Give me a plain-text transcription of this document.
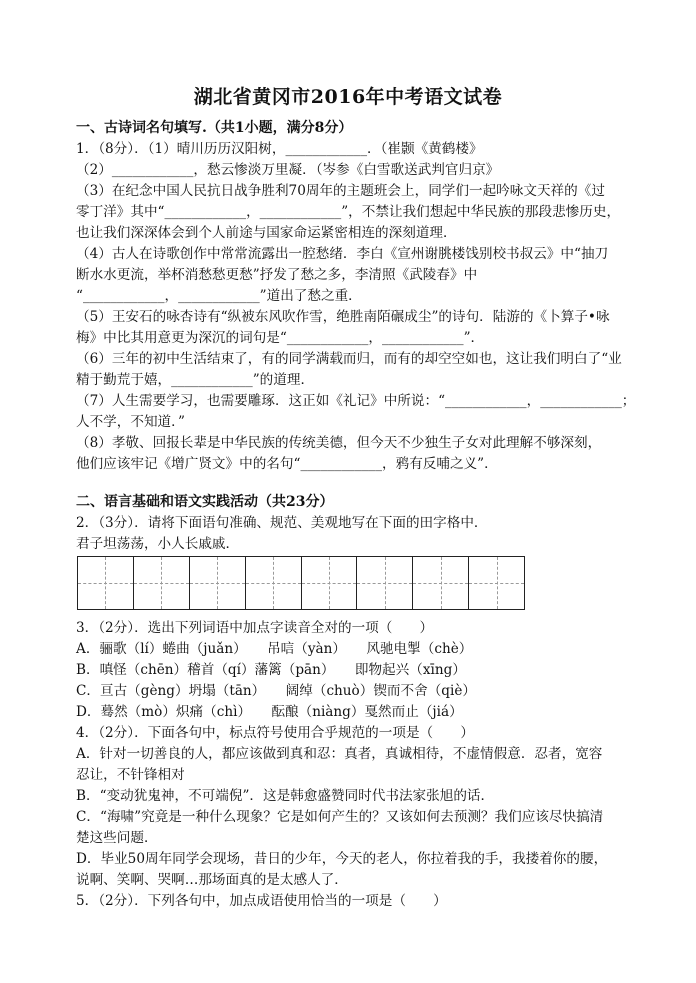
湖北省黄冈市2016年中考语文试卷
一、古诗词名句填写.（共1小题，满分8分）
1．（8分）．（1）晴川历历汉阳树，____________．（崔颢《黄鹤楼》
（2）____________，愁云惨淡万里凝．（岑参《白雪歌送武判官归京》
（3）在纪念中国人民抗日战争胜利70周年的主题班会上，同学们一起吟咏文天祥的《过
零丁洋》其中“____________，____________”，不禁让我们想起中华民族的那段悲惨历史，
也让我们深深体会到个人前途与国家命运紧密相连的深刻道理．
（4）古人在诗歌创作中常常流露出一腔愁绪．李白《宣州谢朓楼饯别校书叔云》中“抽刀
断水水更流，举杯消愁愁更愁”抒发了愁之多，李清照《武陵春》中
“____________，____________”道出了愁之重．
（5）王安石的咏杏诗有“纵被东风吹作雪，绝胜南陌碾成尘”的诗句．陆游的《卜算子•咏
梅》中比其用意更为深沉的词句是“____________，____________”．
（6）三年的初中生活结束了，有的同学满载而归，而有的却空空如也，这让我们明白了“业
精于勤荒于嬉，____________”的道理．
（7）人生需要学习，也需要雕琢．这正如《礼记》中所说：“____________，____________；
人不学，不知道．”
（8）孝敬、回报长辈是中华民族的传统美德，但今天不少独生子女对此理解不够深刻，
他们应该牢记《增广贤文》中的名句“____________，鸦有反哺之义”．
二、语言基础和语文实践活动（共23分）
2．（3分）．请将下面语句准确、规范、美观地写在下面的田字格中．
君子坦荡荡，小人长戚戚．
3．（2分）．选出下列词语中加点字读音全对的一项（　　）
A．骊歌（lí）蜷曲（juǎn）　　吊唁（yàn）　　风驰电掣（chè）
B．嗔怪（chēn）稽首（qí）藩篱（pān）　　即物起兴（xīng）
C．亘古（gèng）坍塌（tān）　　阔绰（chuò）锲而不舍（qiè）
D．蓦然（mò）炽痛（chì）　　酝酿（niàng）戛然而止（jiá）
4．（2分）．下面各句中，标点符号使用合乎规范的一项是（　　）
A．针对一切善良的人，都应该做到真和忍：真者，真诚相待，不虚情假意．忍者，宽容
忍让，不针锋相对
B．“变动犹鬼神，不可端倪”．这是韩愈盛赞同时代书法家张旭的话．
C．“海啸”究竟是一种什么现象？它是如何产生的？又该如何去预测？我们应该尽快搞清
楚这些问题．
D．毕业50周年同学会现场，昔日的少年，今天的老人，你拉着我的手，我搂着你的腰，
说啊、笑啊、哭啊…那场面真的是太感人了．
5．（2分）．下列各句中，加点成语使用恰当的一项是（　　）
